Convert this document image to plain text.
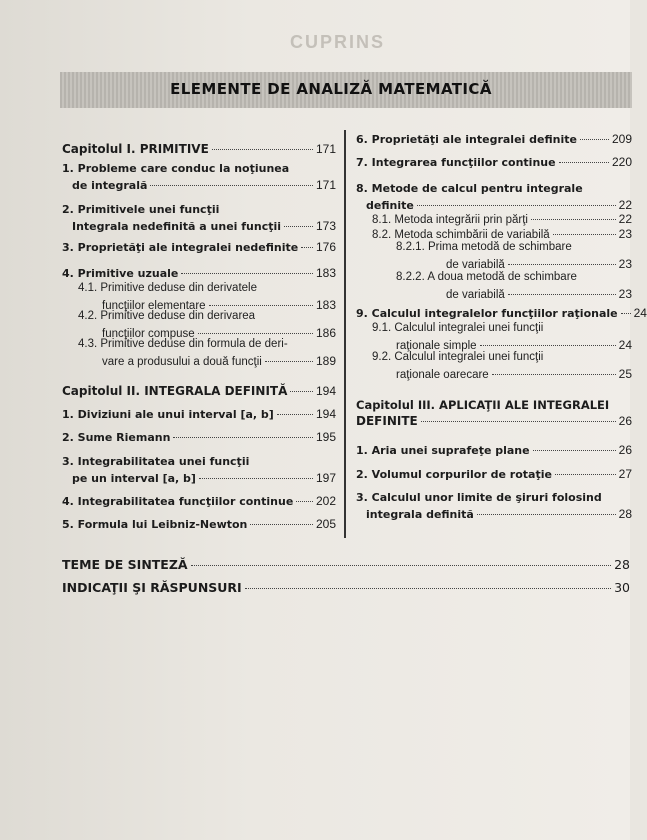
CUPRINS
ELEMENTE DE ANALIZĂ MATEMATICĂ
Capitolul I. PRIMITIVE	171
1. Probleme care conduc la noţiunea
de integrală	171
2. Primitivele unei funcţii
Integrala nedefinită a unei funcţii	173
3. Proprietăţi ale integralei nedefinite 176
4. Primitive uzuale	183
4.1. Primitive deduse din derivatele
funcţiilor elementare	183
4.2. Primitive deduse din derivarea
funcţiilor compuse	186
4.3. Primitive deduse din formula de deri-
vare a produsului a două funcţii	189
Capitolul II. INTEGRALA DEFINITĂ 194
1. Diviziuni ale unui interval [a, b]	194
2. Sume Riemann	195
3. Integrabilitatea unei funcţii
pe un interval [a, b]	197
4. Integrabilitatea funcţiilor continue 202
5. Formula lui Leibniz-Newton	205
6. Proprietăţi ale integralei definite	209
7. Integrarea funcţiilor continue	220
8. Metode de calcul pentru integrale
definite	22
8.1. Metoda integrării prin părţi	22
8.2. Metoda schimbării de variabilă	23
8.2.1. Prima metodă de schimbare
de variabilă	23
8.2.2. A doua metodă de schimbare
de variabilă	23
9. Calculul integralelor funcţiilor raţionale 24
9.1. Calculul integralei unei funcţii
raţionale simple	24
9.2. Calculul integralei unei funcţii
raţionale oarecare	25
Capitolul III. APLICAŢII ALE INTEGRALEI
DEFINITE	26
1. Aria unei suprafeţe plane	26
2. Volumul corpurilor de rotaţie	27
3. Calculul unor limite de şiruri folosind
integrala definită	28
TEME DE SINTEZĂ	28
INDICAŢII ŞI RĂSPUNSURI	30
